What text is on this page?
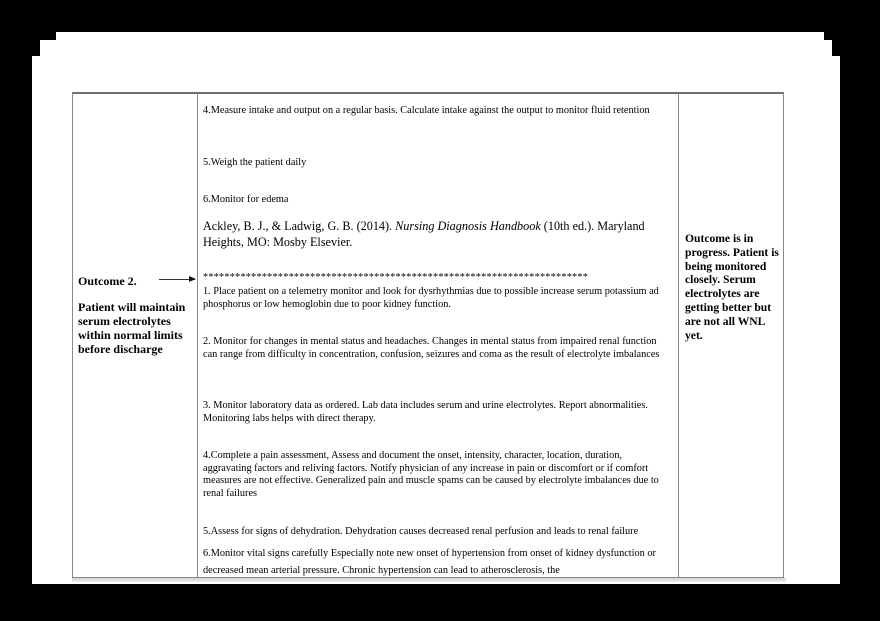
Outcome 2.
Patient will maintain serum electrolytes within normal limits before discharge
4.Measure intake and output on a regular basis. Calculate intake against the output to monitor fluid retention
5.Weigh the patient daily
6.Monitor for edema
Ackley, B. J., & Ladwig, G. B. (2014). Nursing Diagnosis Handbook (10th ed.). Maryland Heights, MO: Mosby Elsevier.
************************************************************************
1. Place patient on a telemetry monitor and look for dysrhythmias due to possible increase serum potassium ad phosphorus or low hemoglobin due to poor kidney function.
2. Monitor for changes in mental status and headaches. Changes in mental status from impaired renal function can range from difficulty in concentration, confusion, seizures and coma as the result of electrolyte imbalances
3. Monitor laboratory data as ordered. Lab data includes serum and urine electrolytes. Report abnormalities. Monitoring labs helps with direct therapy.
4.Complete a pain assessment, Assess and document the onset, intensity, character, location, duration, aggravating factors and reliving factors. Notify physician of any increase in pain or discomfort or if comfort measures are not effective. Generalized pain and muscle spams can be caused by electrolyte imbalances due to renal failures
5.Assess for signs of dehydration. Dehydration causes decreased renal perfusion and leads to renal failure
6.Monitor vital signs carefully Especially note new onset of hypertension from onset of kidney dysfunction or decreased mean arterial pressure. Chronic hypertension can lead to atherosclerosis, the
Outcome is in progress. Patient is being monitored closely. Serum electrolytes are getting better but are not all WNL yet.
